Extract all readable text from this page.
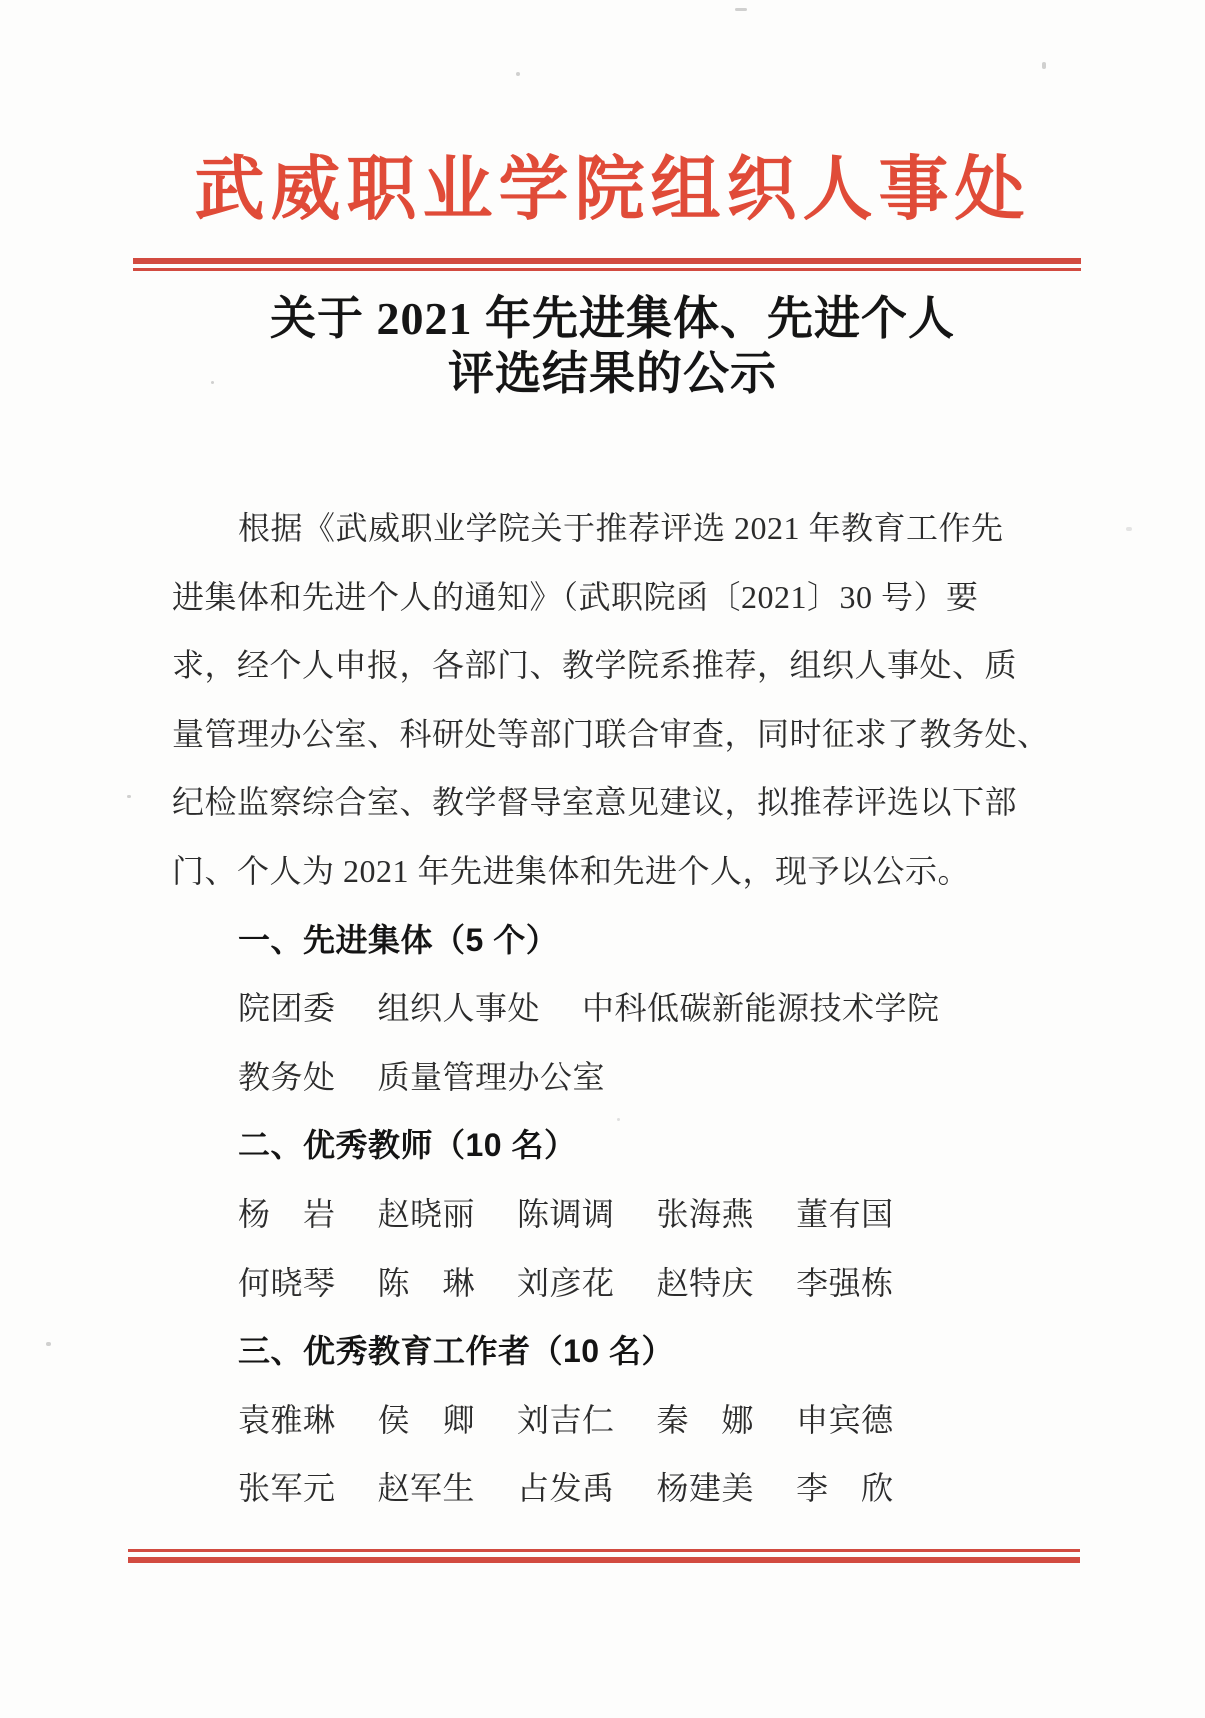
武威职业学院组织人事处
关于 2021 年先进集体、先进个人
评选结果的公示
根据《武威职业学院关于推荐评选 2021 年教育工作先
进集体和先进个人的通知》（武职院函〔2021〕30 号）要
求，经个人申报，各部门、教学院系推荐，组织人事处、质
量管理办公室、科研处等部门联合审查，同时征求了教务处、
纪检监察综合室、教学督导室意见建议，拟推荐评选以下部
门、个人为 2021 年先进集体和先进个人，现予以公示。
一、先进集体（5 个）
院团委 组织人事处 中科低碳新能源技术学院
教务处 质量管理办公室
二、优秀教师（10 名）
杨　岩 赵晓丽 陈调调 张海燕 董有国
何晓琴 陈　琳 刘彦花 赵特庆 李强栋
三、优秀教育工作者（10 名）
袁雅琳 侯　卿 刘吉仁 秦　娜 申宾德
张军元 赵军生 占发禹 杨建美 李　欣
